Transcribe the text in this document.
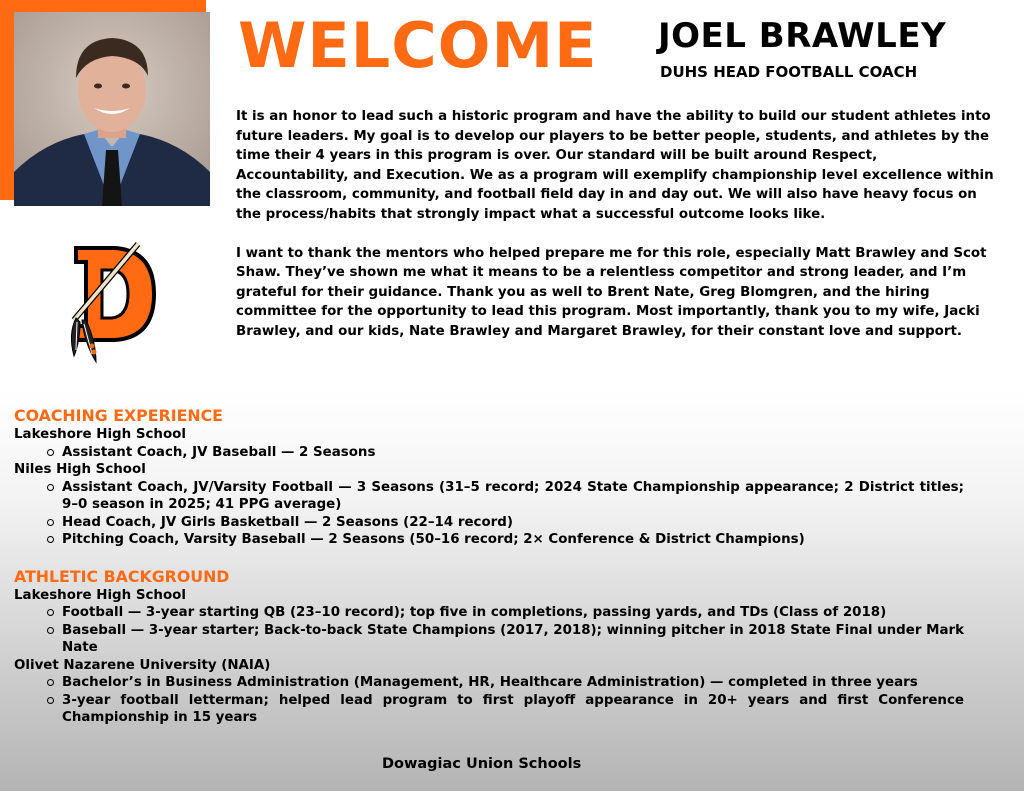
WELCOME JOEL BRAWLEY
DUHS HEAD FOOTBALL COACH

It is an honor to lead such a historic program and have the ability to build our student athletes into future leaders. My goal is to develop our players to be better people, students, and athletes by the time their 4 years in this program is over. Our standard will be built around Respect, Accountability, and Execution. We as a program will exemplify championship level excellence within the classroom, community, and football field day in and day out. We will also have heavy focus on the process/habits that strongly impact what a successful outcome looks like.

I want to thank the mentors who helped prepare me for this role, especially Matt Brawley and Scot Shaw. They’ve shown me what it means to be a relentless competitor and strong leader, and I’m grateful for their guidance. Thank you as well to Brent Nate, Greg Blomgren, and the hiring committee for the opportunity to lead this program. Most importantly, thank you to my wife, Jacki Brawley, and our kids, Nate Brawley and Margaret Brawley, for their constant love and support.

COACHING EXPERIENCE
Lakeshore High School
Assistant Coach, JV Baseball — 2 Seasons
Niles High School
Assistant Coach, JV/Varsity Football — 3 Seasons (31–5 record; 2024 State Championship appearance; 2 District titles; 9–0 season in 2025; 41 PPG average)
Head Coach, JV Girls Basketball — 2 Seasons (22–14 record)
Pitching Coach, Varsity Baseball — 2 Seasons (50–16 record; 2× Conference & District Champions)
ATHLETIC BACKGROUND
Lakeshore High School
Football — 3-year starting QB (23–10 record); top five in completions, passing yards, and TDs (Class of 2018)
Baseball — 3-year starter; Back-to-back State Champions (2017, 2018); winning pitcher in 2018 State Final under Mark Nate
Olivet Nazarene University (NAIA)
Bachelor’s in Business Administration (Management, HR, Healthcare Administration) — completed in three years
3-year football letterman; helped lead program to first playoff appearance in 20+ years and first Conference Championship in 15 years
Dowagiac Union Schools
